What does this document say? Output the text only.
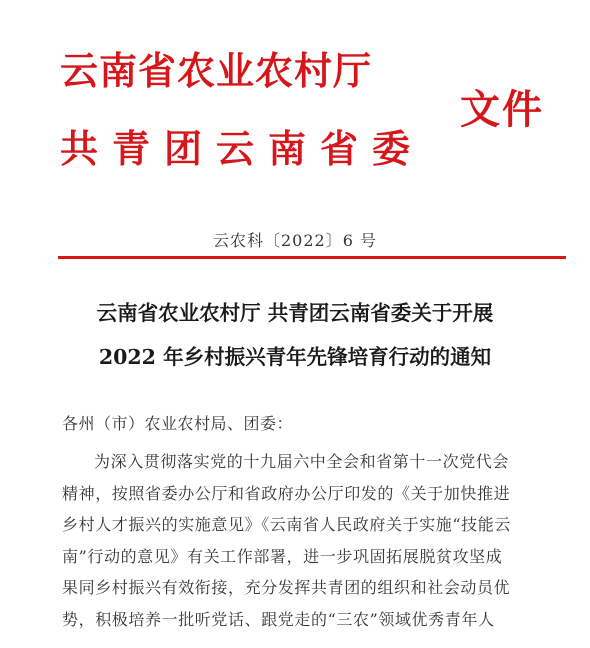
云南省农业农村厅
共青团云南省委
文件
云农科〔2022〕6 号
云南省农业农村厅 共青团云南省委关于开展
2022 年乡村振兴青年先锋培育行动的通知
各州（市）农业农村局、团委：
为深入贯彻落实党的十九届六中全会和省第十一次党代会
精神，按照省委办公厅和省政府办公厅印发的《关于加快推进
乡村人才振兴的实施意见》《云南省人民政府关于实施“技能云
南”行动的意见》有关工作部署，进一步巩固拓展脱贫攻坚成
果同乡村振兴有效衔接，充分发挥共青团的组织和社会动员优
势，积极培养一批听党话、跟党走的“三农”领域优秀青年人
